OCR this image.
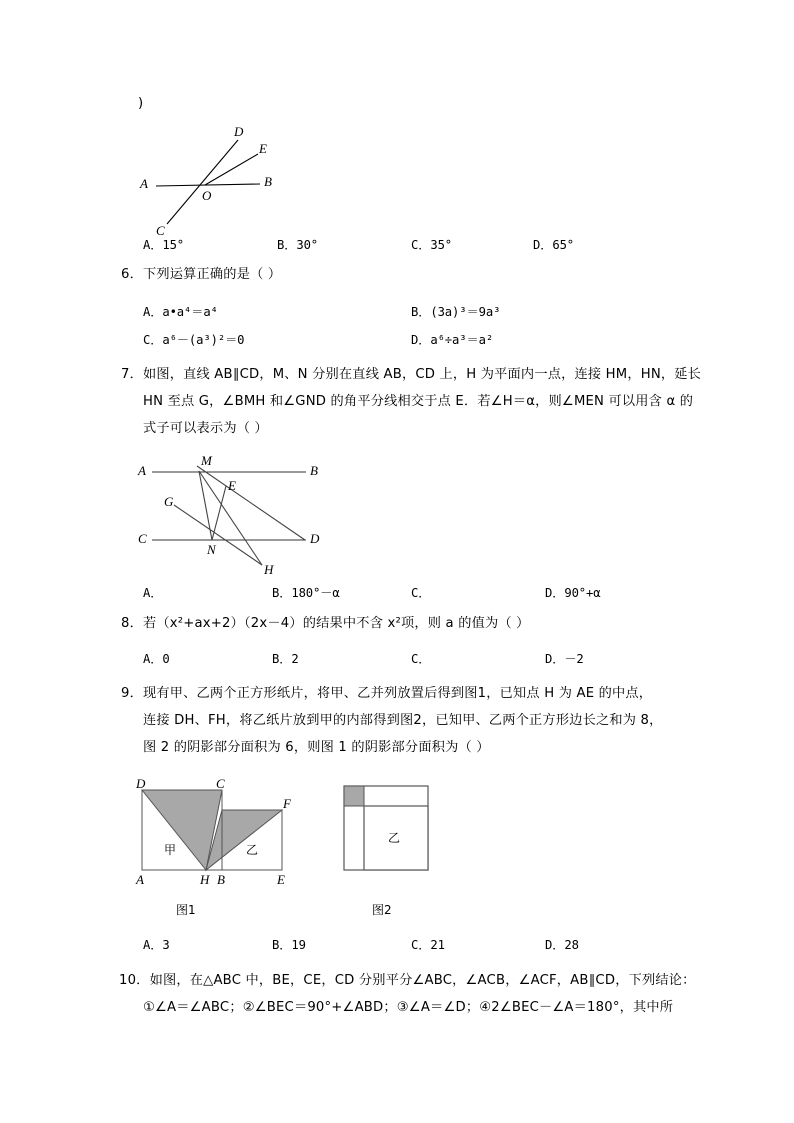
)
A	B
C
D
E
O
A．15°	B．30°	C．35°	D．65°
6．下列运算正确的是（ ）
A．a•a⁴＝a⁴	B．(3a)³＝9a³
C．a⁶－(a³)²＝0	D．a⁶÷a³＝a²
7．如图，直线 AB∥CD，M、N 分别在直线 AB，CD 上，H 为平面内一点，连接 HM，HN，延长
HN 至点 G，∠BMH 和∠GND 的角平分线相交于点 E．若∠H＝α，则∠MEN 可以用含 α 的
式子可以表示为（ ）
A	B
C	D
M
E
G
N
H
A．	B．180°－α	C．	D．90°+α
8．若（x²+ax+2）（2x－4）的结果中不含 x²项，则 a 的值为（ ）
A．0	B．2	C．	D．－2
9．现有甲、乙两个正方形纸片，将甲、乙并列放置后得到图1，已知点 H 为 AE 的中点，
连接 DH、FH，将乙纸片放到甲的内部得到图2，已知甲、乙两个正方形边长之和为 8，
图 2 的阴影部分面积为 6，则图 1 的阴影部分面积为（ ）
甲	乙
D	C
F
A	H B	E
图1
乙
图2
A．3	B．19	C．21	D．28
10．如图，在△ABC 中，BE，CE，CD 分别平分∠ABC，∠ACB，∠ACF，AB∥CD，下列结论：
①∠A＝∠ABC；②∠BEC＝90°+∠ABD；③∠A＝∠D；④2∠BEC－∠A＝180°，其中所
